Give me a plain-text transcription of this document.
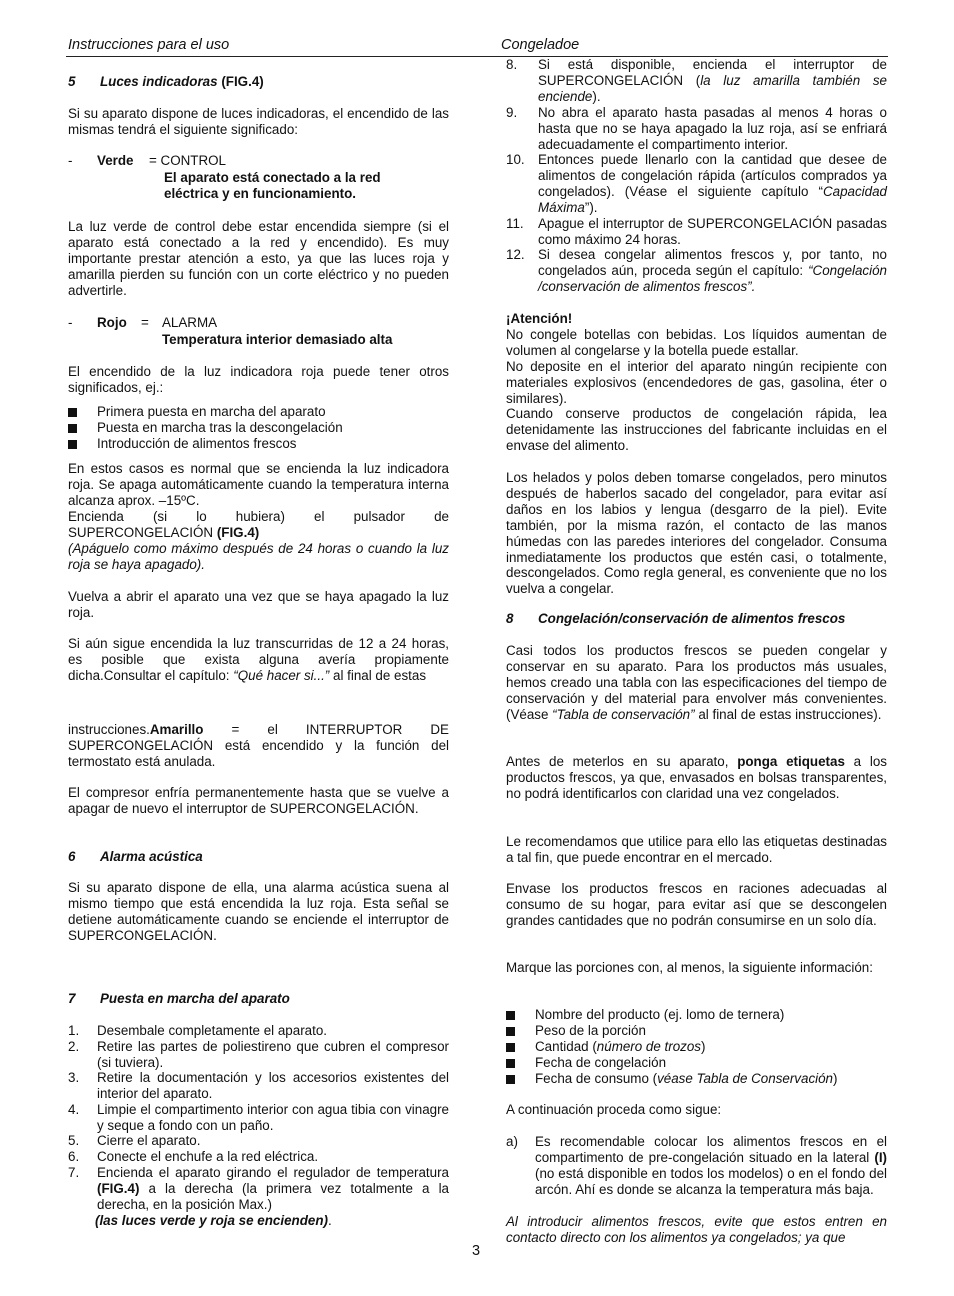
Instrucciones para el uso	Congeladoe

5 Luces indicadoras (FIG.4)

Si su aparato dispone de luces indicadoras, el encendido de las mismas tendrá el siguiente significado:

- Verde = CONTROL

El aparato está conectado a la red eléctrica y en funcionamiento.

La luz verde de control debe estar encendida siempre (si el aparato está conectado a la red y encendido). Es muy importante prestar atención a esto, ya que las luces roja y amarilla pierden su función con un corte eléctrico y no pueden advertirle.

- Rojo = ALARMA

Temperatura interior demasiado alta

El encendido de la luz indicadora roja puede tener otros significados, ej.:

Primera puesta en marcha del aparato
Puesta en marcha tras la descongelación
Introducción de alimentos frescos

En estos casos es normal que se encienda la luz indicadora roja. Se apaga automáticamente cuando la temperatura interna alcanza aprox. –15ºC.

Encienda (si lo hubiera) el pulsador de

SUPERCONGELACIÓN (FIG.4)

(Apáguelo como máximo después de 24 horas o cuando la luz roja se haya apagado).

Vuelva a abrir el aparato una vez que se haya apagado la luz roja.

Si aún sigue encendida la luz transcurridas de 12 a 24 horas, es posible que exista alguna avería propiamente dicha.Consultar el capítulo: “Qué hacer si...” al final de estas

instrucciones.Amarillo = el INTERRUPTOR DE SUPERCONGELACIÓN está encendido y la función del termostato está anulada.

El compresor enfría permanentemente hasta que se vuelve a apagar de nuevo el interruptor de SUPERCONGELACIÓN.

6 Alarma acústica

Si su aparato dispone de ella, una alarma acústica suena al mismo tiempo que está encendida la luz roja. Esta señal se detiene automáticamente cuando se enciende el interruptor de SUPERCONGELACIÓN.

7 Puesta en marcha del aparato

1.	Desembale completamente el aparato.
2.	Retire las partes de poliestireno que cubren el compresor (si tuviera).
3.	Retire la documentación y los accesorios existentes del interior del aparato.
4.	Limpie el compartimento interior con agua tibia con vinagre y seque a fondo con un paño.
5.	Cierre el aparato.
6.	Conecte el enchufe a la red eléctrica.
7.	Encienda el aparato girando el regulador de temperatura (FIG.4) a la derecha (la primera vez totalmente a la derecha, en la posición Max.)

(las luces verde y roja se encienden).

8.	Si está disponible, encienda el interruptor de SUPERCONGELACIÓN (la luz amarilla también se enciende).
9.	No abra el aparato hasta pasadas al menos 4 horas o hasta que no se haya apagado la luz roja, así se enfriará adecuadamente el compartimento interior.
10. Entonces puede llenarlo con la cantidad que desee de alimentos de congelación rápida (artículos comprados ya congelados). (Véase el siguiente capítulo “Capacidad Máxima”).
11.	Apague el interruptor de SUPERCONGELACIÓN pasadas como máximo 24 horas.
12. Si desea congelar alimentos frescos y, por tanto, no congelados aún, proceda según el capítulo: “Congelación /conservación de alimentos frescos”.

¡Atención!

No congele botellas con bebidas. Los líquidos aumentan de volumen al congelarse y la botella puede estallar.

No deposite en el interior del aparato ningún recipiente con materiales explosivos (encendedores de gas, gasolina, éter o similares).

Cuando conserve productos de congelación rápida, lea detenidamente las instrucciones del fabricante incluidas en el envase del alimento.

Los helados y polos deben tomarse congelados, pero minutos después de haberlos sacado del congelador, para evitar así daños en los labios y lengua (desgarro de la piel). Evite también, por la misma razón, el contacto de las manos húmedas con las paredes interiores del congelador. Consuma inmediatamente los productos que estén casi, o totalmente, descongelados. Como regla general, es conveniente que no los vuelva a congelar.

8 Congelación/conservación de alimentos frescos

Casi todos los productos frescos se pueden congelar y conservar en su aparato. Para los productos más usuales, hemos creado una tabla con las especificaciones del tiempo de conservación y del material para envolver más convenientes. (Véase “Tabla de conservación” al final de estas instrucciones).

Antes de meterlos en su aparato, ponga etiquetas a los productos frescos, ya que, envasados en bolsas transparentes, no podrá identificarlos con claridad una vez congelados.

Le recomendamos que utilice para ello las etiquetas destinadas a tal fin, que puede encontrar en el mercado.

Envase los productos frescos en raciones adecuadas al consumo de su hogar, para evitar así que se descongelen grandes cantidades que no podrán consumirse en un solo día.

Marque las porciones con, al menos, la siguiente información:

Nombre del producto (ej. lomo de ternera)
Peso de la porción
Cantidad (número de trozos)
Fecha de congelación
Fecha de consumo (véase Tabla de Conservación)

A continuación proceda como sigue:

a)	Es recomendable colocar los alimentos frescos en el compartimento de pre-congelación situado en la lateral (I) (no está disponible en todos los modelos) o en el fondo del arcón. Ahí es donde se alcanza la temperatura más baja.

Al introducir alimentos frescos, evite que estos entren en contacto directo con los alimentos ya congelados; ya que

3
